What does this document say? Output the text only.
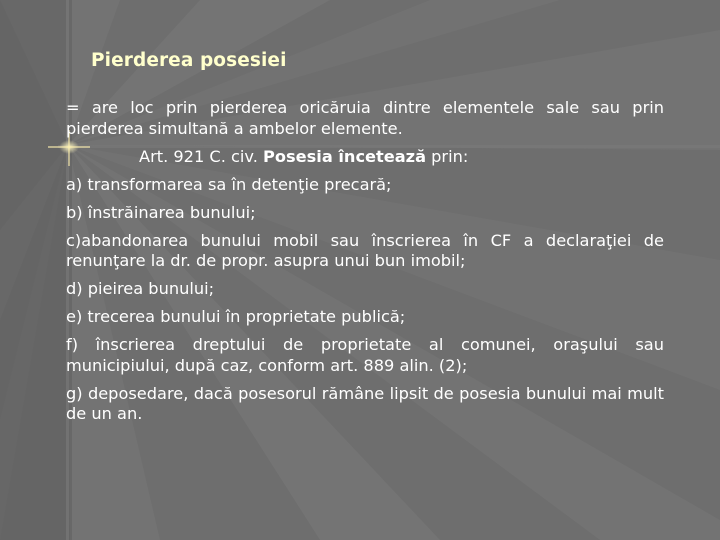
Pierderea posesiei

= are loc prin pierderea oricăruia dintre elementele sale sau prin pierderea simultană a ambelor elemente.

Art. 921 C. civ. Posesia încetează prin:

a) transformarea sa în detenţie precară;

b) înstrăinarea bunului;

c)abandonarea bunului mobil sau înscrierea în CF a declaraţiei de renunţare la dr. de propr. asupra unui bun imobil;

d) pieirea bunului;

e) trecerea bunului în proprietate publică;

f) înscrierea dreptului de proprietate al comunei, oraşului sau municipiului, după caz, conform art. 889 alin. (2);

g) deposedare, dacă posesorul rămâne lipsit de posesia bunului mai mult de un an.
